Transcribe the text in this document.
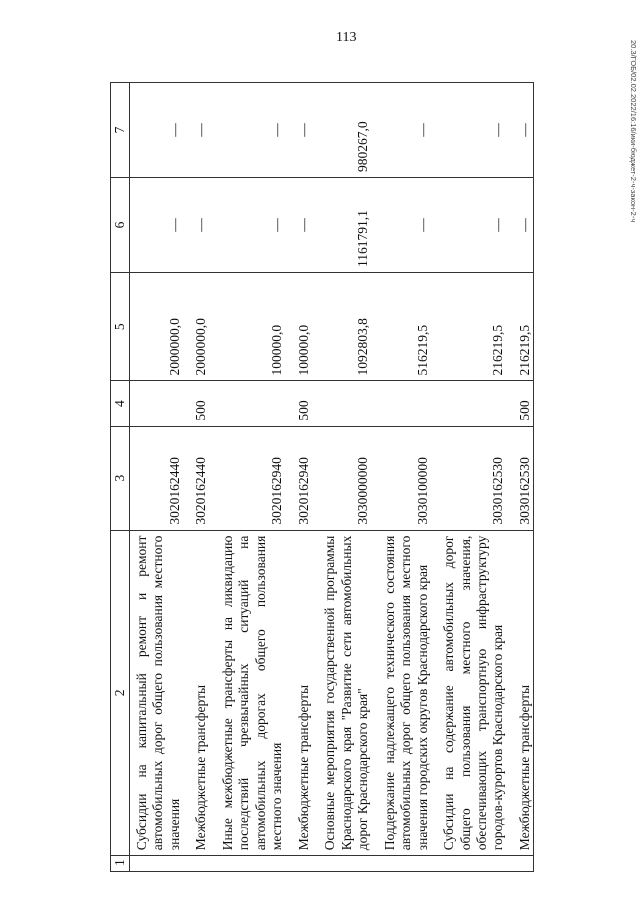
113
20.3/ГОБ/02.02.2022/16:16/ики-бюджет-2-ч-закон-2-ч
1	2	3	4	5	6	7
	Субсидии на капитальный ремонт и ремонт автомобильных дорог общего пользования местного значения	3020162440		2000000,0	—	—
	Межбюджетные трансферты	3020162440	500	2000000,0	—	—
	Иные межбюджетные трансферты на ликвидацию последствий чрезвычайных ситуаций на автомобильных дорогах общего пользования местного значения	3020162940		100000,0	—	—
	Межбюджетные трансферты	3020162940	500	100000,0	—	—
	Основные мероприятия государственной программы Краснодарского края "Развитие сети автомобильных дорог Краснодарского края"	3030000000		1092803,8	1161791,1	980267,0
	Поддержание надлежащего технического состояния автомобильных дорог общего пользования местного значения городских округов Краснодарского края	3030100000		516219,5	—	—
	Субсидии на содержание автомобильных дорог общего пользования местного значения, обеспечивающих транспортную инфраструктуру городов-курортов Краснодарского края	3030162530		216219,5	—	—
	Межбюджетные трансферты	3030162530	500	216219,5	—	—
